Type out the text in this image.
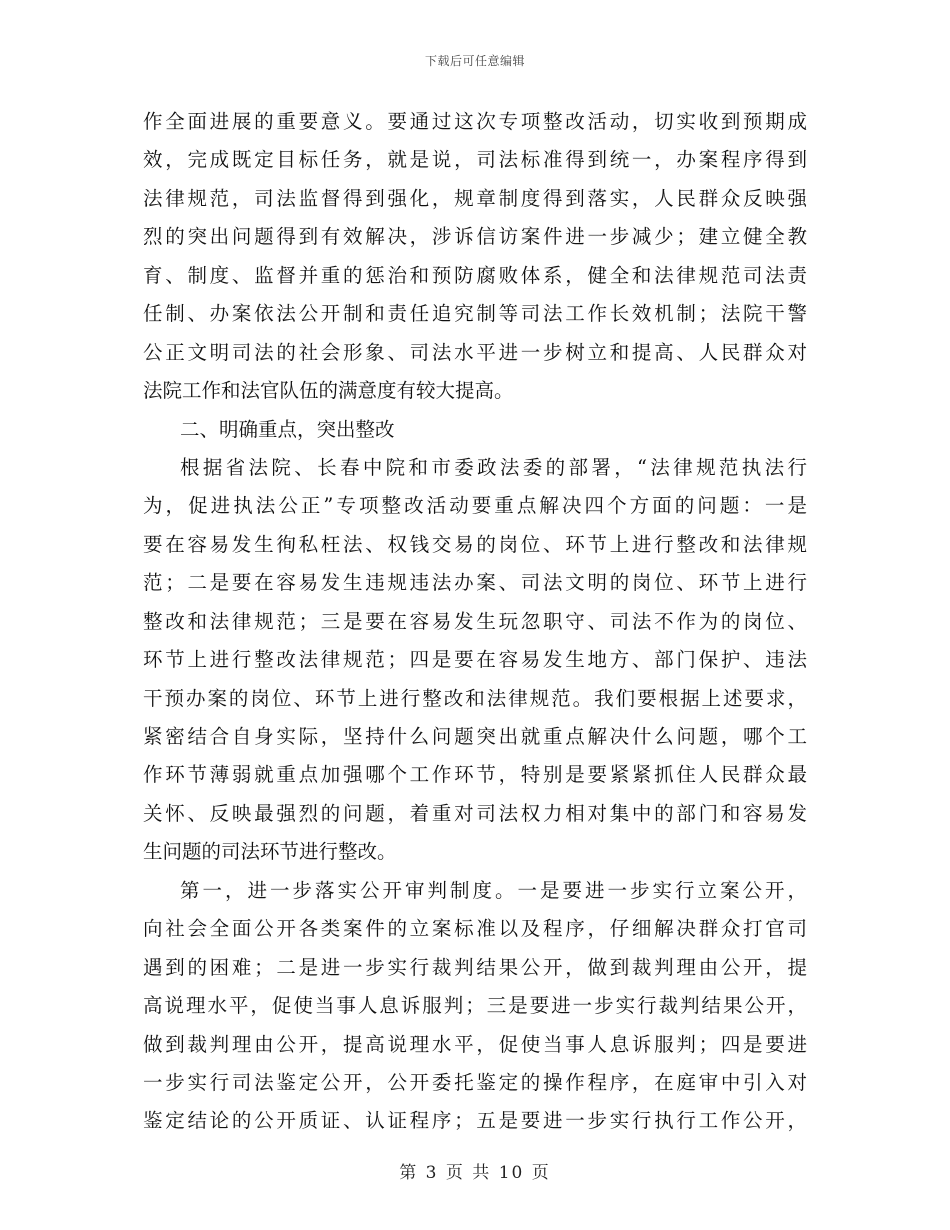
下载后可任意编辑
作全面进展的重要意义。要通过这次专项整改活动，切实收到预期成
效，完成既定目标任务，就是说，司法标准得到统一，办案程序得到
法律规范，司法监督得到强化，规章制度得到落实，人民群众反映强
烈的突出问题得到有效解决，涉诉信访案件进一步减少；建立健全教
育、制度、监督并重的惩治和预防腐败体系，健全和法律规范司法责
任制、办案依法公开制和责任追究制等司法工作长效机制；法院干警
公正文明司法的社会形象、司法水平进一步树立和提高、人民群众对
法院工作和法官队伍的满意度有较大提高。
二、明确重点，突出整改
根据省法院、长春中院和市委政法委的部署，“法律规范执法行
为，促进执法公正”专项整改活动要重点解决四个方面的问题：一是
要在容易发生徇私枉法、权钱交易的岗位、环节上进行整改和法律规
范；二是要在容易发生违规违法办案、司法文明的岗位、环节上进行
整改和法律规范；三是要在容易发生玩忽职守、司法不作为的岗位、
环节上进行整改法律规范；四是要在容易发生地方、部门保护、违法
干预办案的岗位、环节上进行整改和法律规范。我们要根据上述要求，
紧密结合自身实际，坚持什么问题突出就重点解决什么问题，哪个工
作环节薄弱就重点加强哪个工作环节，特别是要紧紧抓住人民群众最
关怀、反映最强烈的问题，着重对司法权力相对集中的部门和容易发
生问题的司法环节进行整改。
第一，进一步落实公开审判制度。一是要进一步实行立案公开，
向社会全面公开各类案件的立案标准以及程序，仔细解决群众打官司
遇到的困难；二是进一步实行裁判结果公开，做到裁判理由公开，提
高说理水平，促使当事人息诉服判；三是要进一步实行裁判结果公开，
做到裁判理由公开，提高说理水平，促使当事人息诉服判；四是要进
一步实行司法鉴定公开，公开委托鉴定的操作程序，在庭审中引入对
鉴定结论的公开质证、认证程序；五是要进一步实行执行工作公开，
第 3 页 共 10 页
